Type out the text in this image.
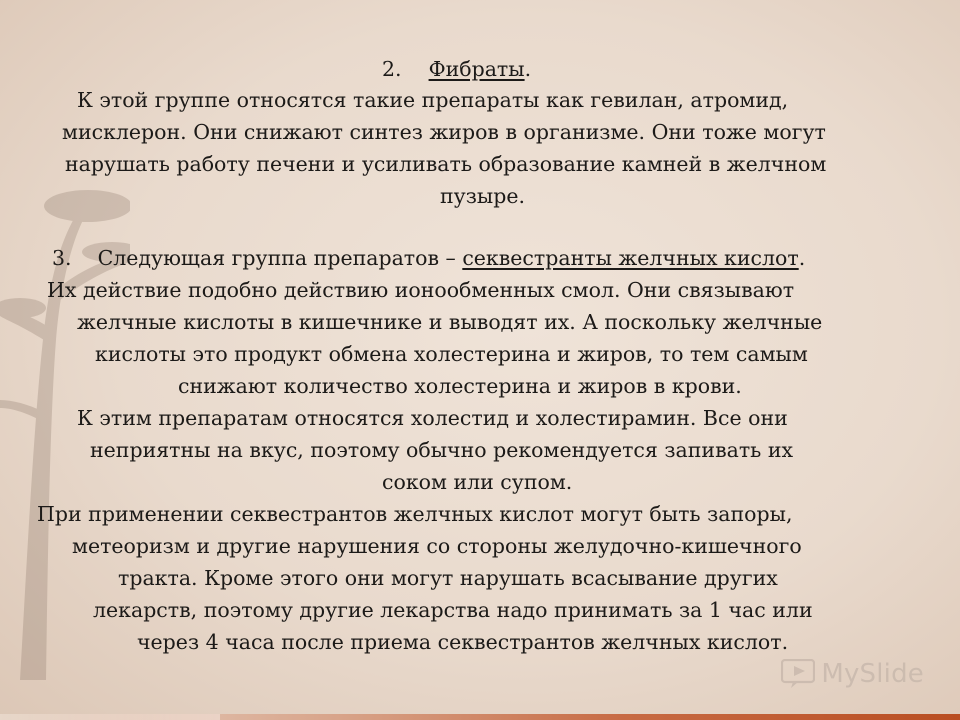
2. Фибраты.
К этой группе относятся такие препараты как гевилан, атромид,
мисклерон. Они снижают синтез жиров в организме. Они тоже могут
нарушать работу печени и усиливать образование камней в желчном
пузыре.
3. Следующая группа препаратов – секвестранты желчных кислот.
Их действие подобно действию ионообменных смол. Они связывают
желчные кислоты в кишечнике и выводят их. А поскольку желчные
кислоты это продукт обмена холестерина и жиров, то тем самым
снижают количество холестерина и жиров в крови.
К этим препаратам относятся холестид и холестирамин. Все они
неприятны на вкус, поэтому обычно рекомендуется запивать их
соком или супом.
При применении секвестрантов желчных кислот могут быть запоры,
метеоризм и другие нарушения со стороны желудочно-кишечного
тракта. Кроме этого они могут нарушать всасывание других
лекарств, поэтому другие лекарства надо принимать за 1 час или
через 4 часа после приема секвестрантов желчных кислот.
MySlide
